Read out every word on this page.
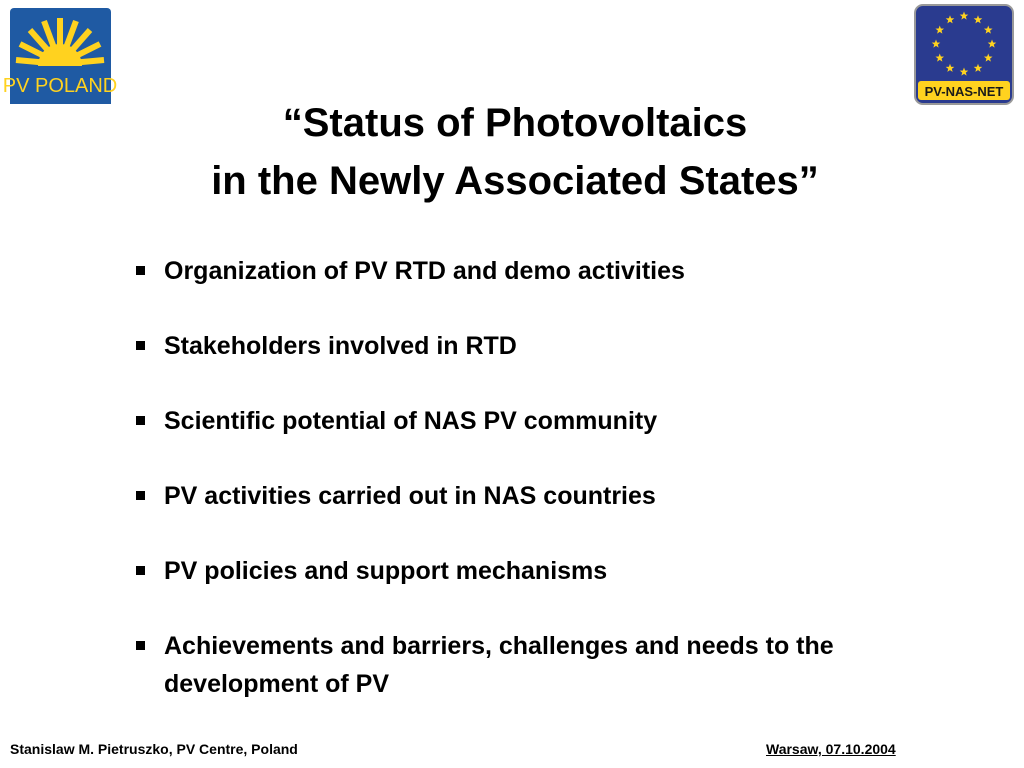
PV POLAND	PV-NAS-NET
“Status of Photovoltaics
in the Newly Associated States”
Organization of PV RTD and demo activities
Stakeholders involved in RTD
Scientific potential of NAS PV community
PV activities carried out in NAS countries
PV policies and support mechanisms
Achievements and barriers, challenges and needs to the development of PV
Stanislaw M. Pietruszko, PV Centre, Poland	Warsaw, 07.10.2004
